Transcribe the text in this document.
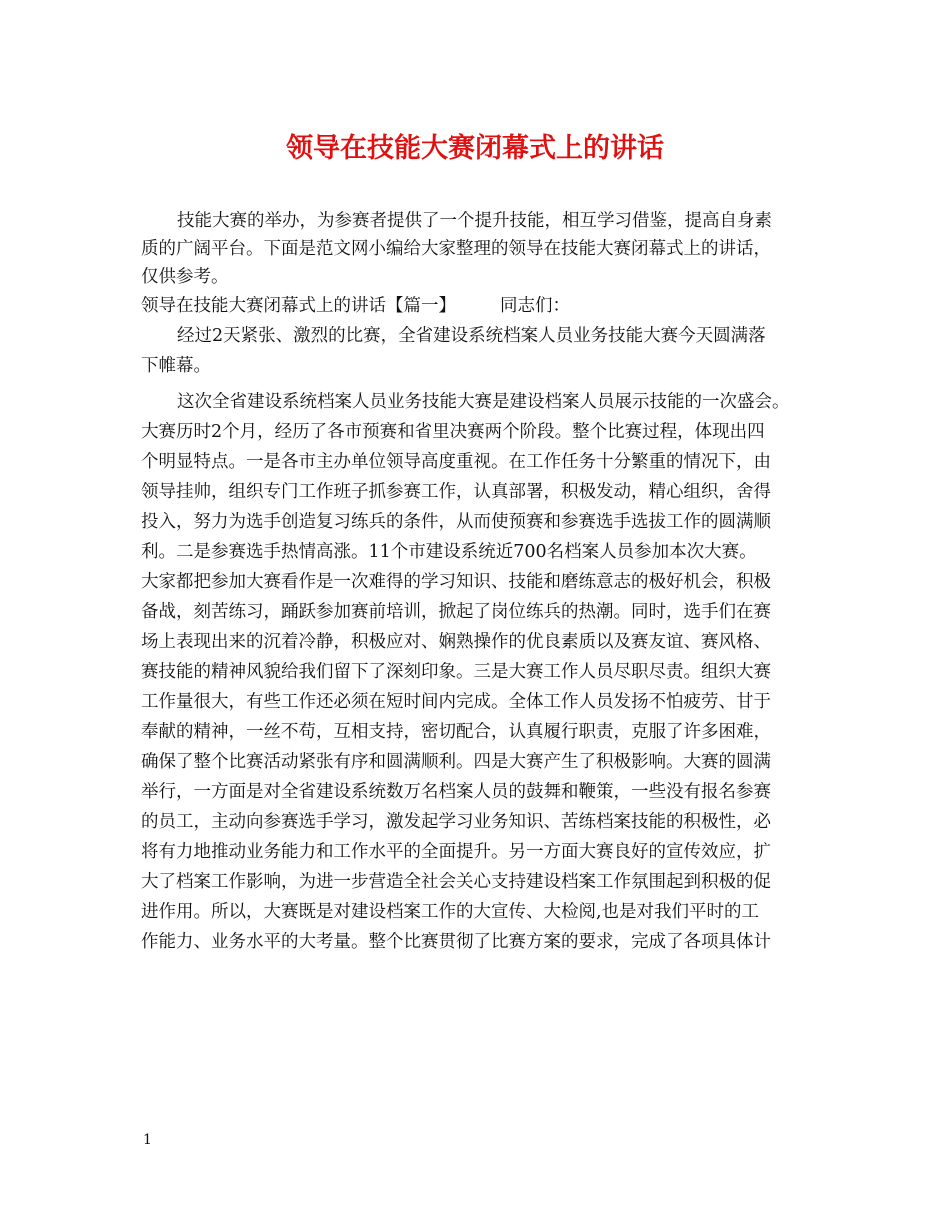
领导在技能大赛闭幕式上的讲话
技能大赛的举办，为参赛者提供了一个提升技能，相互学习借鉴，提高自身素
质的广阔平台。下面是范文网小编给大家整理的领导在技能大赛闭幕式上的讲话，
仅供参考。
领导在技能大赛闭幕式上的讲话【篇一】	同志们：
经过2天紧张、激烈的比赛，全省建设系统档案人员业务技能大赛今天圆满落
下帷幕。
这次全省建设系统档案人员业务技能大赛是建设档案人员展示技能的一次盛会。
大赛历时2个月，经历了各市预赛和省里决赛两个阶段。整个比赛过程，体现出四
个明显特点。一是各市主办单位领导高度重视。在工作任务十分繁重的情况下，由
领导挂帅，组织专门工作班子抓参赛工作，认真部署，积极发动，精心组织，舍得
投入，努力为选手创造复习练兵的条件，从而使预赛和参赛选手选拔工作的圆满顺
利。二是参赛选手热情高涨。11个市建设系统近700名档案人员参加本次大赛。
大家都把参加大赛看作是一次难得的学习知识、技能和磨练意志的极好机会，积极
备战，刻苦练习，踊跃参加赛前培训，掀起了岗位练兵的热潮。同时，选手们在赛
场上表现出来的沉着冷静，积极应对、娴熟操作的优良素质以及赛友谊、赛风格、
赛技能的精神风貌给我们留下了深刻印象。三是大赛工作人员尽职尽责。组织大赛
工作量很大，有些工作还必须在短时间内完成。全体工作人员发扬不怕疲劳、甘于
奉献的精神，一丝不苟，互相支持，密切配合，认真履行职责，克服了许多困难，
确保了整个比赛活动紧张有序和圆满顺利。四是大赛产生了积极影响。大赛的圆满
举行，一方面是对全省建设系统数万名档案人员的鼓舞和鞭策，一些没有报名参赛
的员工，主动向参赛选手学习，激发起学习业务知识、苦练档案技能的积极性，必
将有力地推动业务能力和工作水平的全面提升。另一方面大赛良好的宣传效应，扩
大了档案工作影响，为进一步营造全社会关心支持建设档案工作氛围起到积极的促
进作用。所以，大赛既是对建设档案工作的大宣传、大检阅,也是对我们平时的工
作能力、业务水平的大考量。整个比赛贯彻了比赛方案的要求，完成了各项具体计
1
